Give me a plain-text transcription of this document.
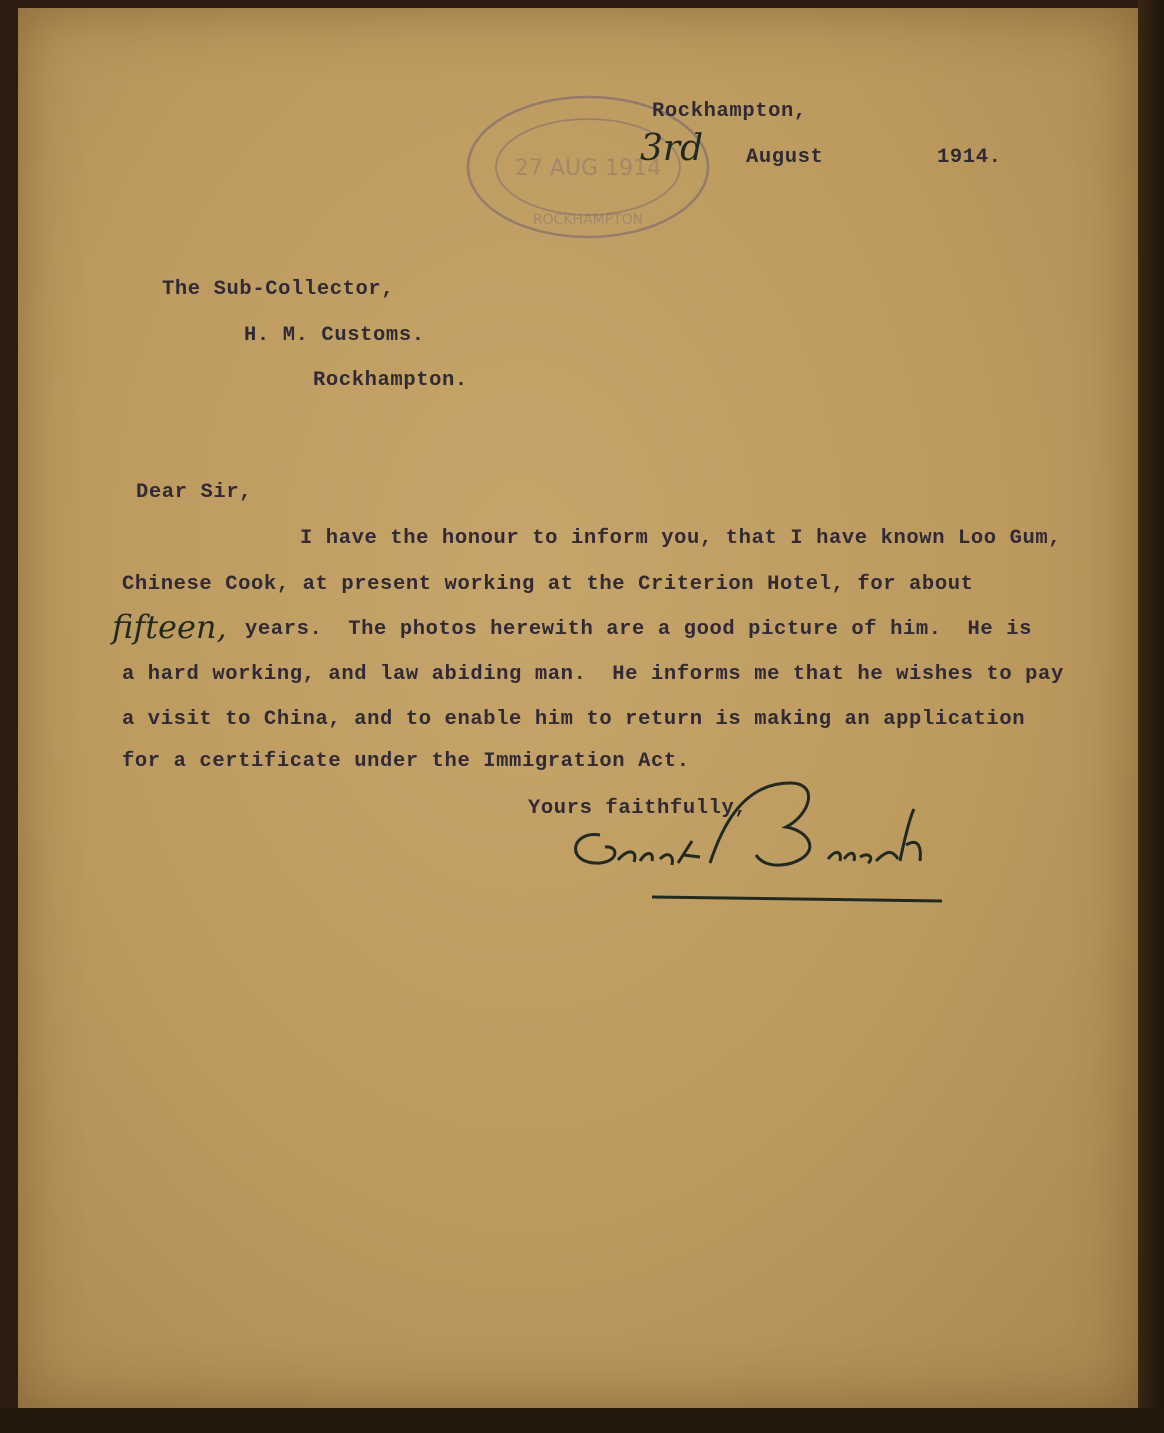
27 AUG 1914
ROCKHAMPTON
Rockhampton,
3rd August	1914.
The Sub-Collector,
H. M. Customs.
Rockhampton.
Dear Sir,
I have the honour to inform you, that I have known Loo Gum,
Chinese Cook, at present working at the Criterion Hotel, for about
fifteen, years.  The photos herewith are a good picture of him.  He is
a hard working, and law abiding man.  He informs me that he wishes to pay
a visit to China, and to enable him to return is making an application
for a certificate under the Immigration Act.
Yours faithfully,
